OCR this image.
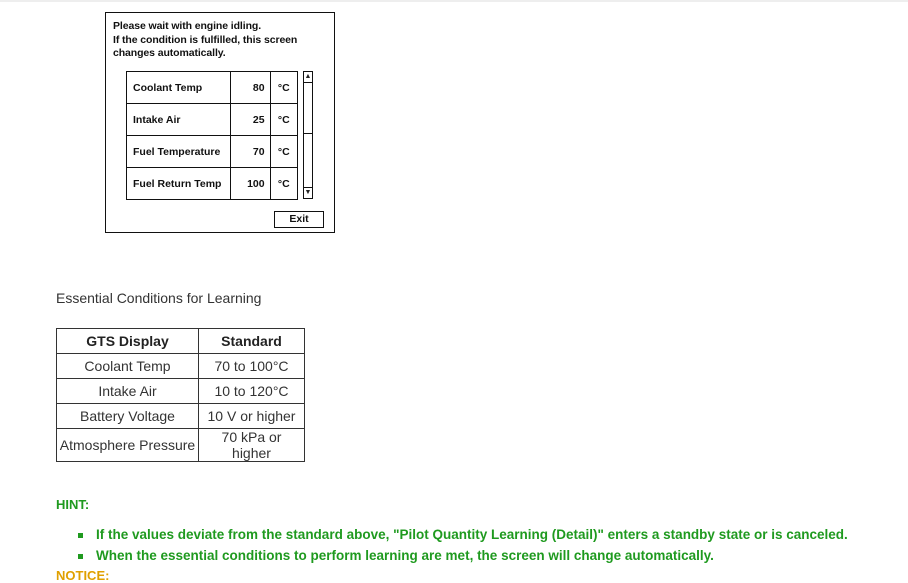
Please wait with engine idling.
If the condition is fulfilled, this screen
changes automatically.
Coolant Temp	80	°C
Intake Air	25	°C
Fuel Temperature	70	°C
Fuel Return Temp	100	°C
▲
▼
Exit
Essential Conditions for Learning
GTS Display	Standard
Coolant Temp	70 to 100°C
Intake Air	10 to 120°C
Battery Voltage	10 V or higher
Atmosphere Pressure	70 kPa or higher
HINT:
If the values deviate from the standard above, "Pilot Quantity Learning (Detail)" enters a standby state or is canceled.
When the essential conditions to perform learning are met, the screen will change automatically.
NOTICE:
